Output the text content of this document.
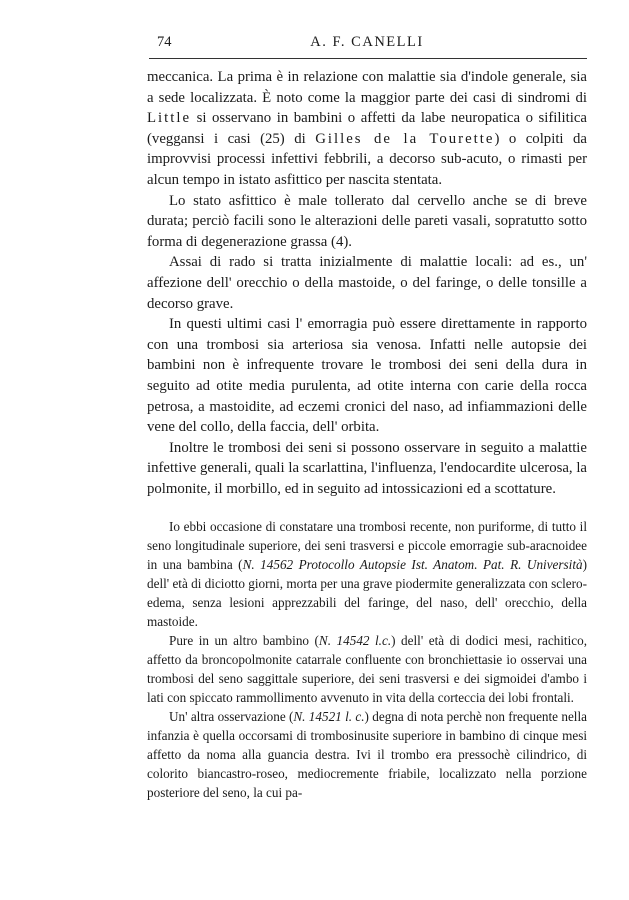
74	A. F. CANELLI

meccanica. La prima è in relazione con malattie sia d'indole generale, sia a sede localizzata. È noto come la maggior parte dei casi di sindromi di Little si osservano in bambini o affetti da labe neuropatica o sifilitica (veggansi i casi (25) di Gilles de la Tourette) o colpiti da improvvisi processi infettivi febbrili, a decorso sub-acuto, o rimasti per alcun tempo in istato asfittico per nascita stentata.

Lo stato asfittico è male tollerato dal cervello anche se di breve durata; perciò facili sono le alterazioni delle pareti vasali, sopratutto sotto forma di degenerazione grassa (4).

Assai di rado si tratta inizialmente di malattie locali: ad es., un' affezione dell' orecchio o della mastoide, o del faringe, o delle tonsille a decorso grave.

In questi ultimi casi l' emorragia può essere direttamente in rapporto con una trombosi sia arteriosa sia venosa. Infatti nelle autopsie dei bambini non è infrequente trovare le trombosi dei seni della dura in seguito ad otite media purulenta, ad otite interna con carie della rocca petrosa, a mastoidite, ad eczemi cronici del naso, ad infiammazioni delle vene del collo, della faccia, dell' orbita.

Inoltre le trombosi dei seni si possono osservare in seguito a malattie infettive generali, quali la scarlattina, l'influenza, l'endocardite ulcerosa, la polmonite, il morbillo, ed in seguito ad intossicazioni ed a scottature.

Io ebbi occasione di constatare una trombosi recente, non puriforme, di tutto il seno longitudinale superiore, dei seni trasversi e piccole emorragie sub-aracnoidee in una bambina (N. 14562 Protocollo Autopsie Ist. Anatom. Pat. R. Università) dell' età di diciotto giorni, morta per una grave piodermite generalizzata con sclero-edema, senza lesioni apprezzabili del faringe, del naso, dell' orecchio, della mastoide.

Pure in un altro bambino (N. 14542 l.c.) dell' età di dodici mesi, rachitico, affetto da broncopolmonite catarrale confluente con bronchiettasie io osservai una trombosi del seno saggittale superiore, dei seni trasversi e dei sigmoidei d'ambo i lati con spiccato rammollimento avvenuto in vita della corteccia dei lobi frontali.

Un' altra osservazione (N. 14521 l. c.) degna di nota perchè non frequente nella infanzia è quella occorsami di trombosinusite superiore in bambino di cinque mesi affetto da noma alla guancia destra. Ivi il trombo era pressochè cilindrico, di colorito biancastro-roseo, mediocremente friabile, localizzato nella porzione posteriore del seno, la cui pa-
